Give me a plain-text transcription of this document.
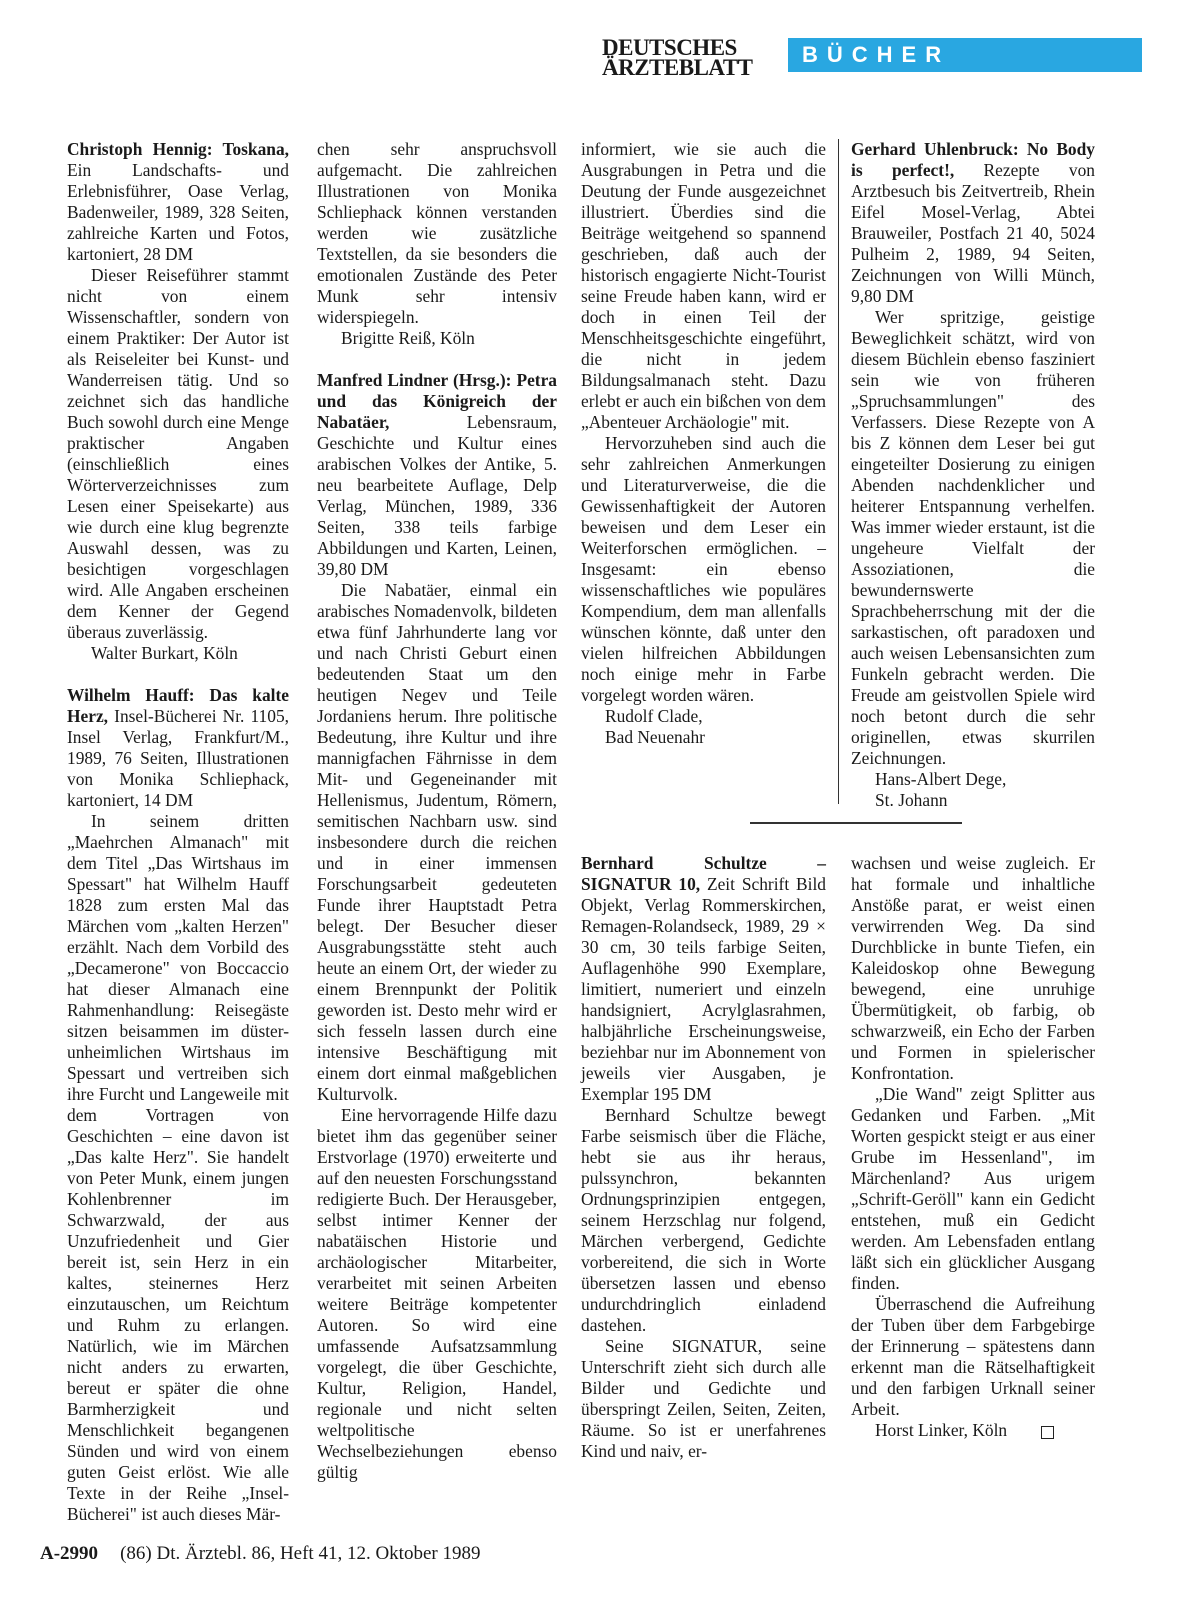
DEUTSCHES
ÄRZTEBLATT
BÜCHER

Christoph Hennig: Toskana, Ein Landschafts- und Erlebnisführer, Oase Verlag, Badenweiler, 1989, 328 Seiten, zahlreiche Karten und Fotos, kartoniert, 28 DM

Dieser Reiseführer stammt nicht von einem Wissenschaftler, sondern von einem Praktiker: Der Autor ist als Reiseleiter bei Kunst- und Wanderreisen tätig. Und so zeichnet sich das handliche Buch sowohl durch eine Menge praktischer Angaben (einschließlich eines Wörterverzeichnisses zum Lesen einer Speisekarte) aus wie durch eine klug begrenzte Auswahl dessen, was zu besichtigen vorgeschlagen wird. Alle Angaben erscheinen dem Kenner der Gegend überaus zuverlässig.

Walter Burkart, Köln

Wilhelm Hauff: Das kalte Herz, Insel-Bücherei Nr. 1105, Insel Verlag, Frankfurt/M., 1989, 76 Seiten, Illustrationen von Monika Schliephack, kartoniert, 14 DM

In seinem dritten „Maehrchen Almanach" mit dem Titel „Das Wirtshaus im Spessart" hat Wilhelm Hauff 1828 zum ersten Mal das Märchen vom „kalten Herzen" erzählt. Nach dem Vorbild des „Decamerone" von Boccaccio hat dieser Almanach eine Rahmenhandlung: Reisegäste sitzen beisammen im düster-unheimlichen Wirtshaus im Spessart und vertreiben sich ihre Furcht und Langeweile mit dem Vortragen von Geschichten – eine davon ist „Das kalte Herz". Sie handelt von Peter Munk, einem jungen Kohlenbrenner im Schwarzwald, der aus Unzufriedenheit und Gier bereit ist, sein Herz in ein kaltes, steinernes Herz einzutauschen, um Reichtum und Ruhm zu erlangen. Natürlich, wie im Märchen nicht anders zu erwarten, bereut er später die ohne Barmherzigkeit und Menschlichkeit begangenen Sünden und wird von einem guten Geist erlöst. Wie alle Texte in der Reihe „Insel-Bücherei" ist auch dieses Mär-

chen sehr anspruchsvoll aufgemacht. Die zahlreichen Illustrationen von Monika Schliephack können verstanden werden wie zusätzliche Textstellen, da sie besonders die emotionalen Zustände des Peter Munk sehr intensiv widerspiegeln.

Brigitte Reiß, Köln

Manfred Lindner (Hrsg.): Petra und das Königreich der Nabatäer, Lebensraum, Geschichte und Kultur eines arabischen Volkes der Antike, 5. neu bearbeitete Auflage, Delp Verlag, München, 1989, 336 Seiten, 338 teils farbige Abbildungen und Karten, Leinen, 39,80 DM

Die Nabatäer, einmal ein arabisches Nomadenvolk, bildeten etwa fünf Jahrhunderte lang vor und nach Christi Geburt einen bedeutenden Staat um den heutigen Negev und Teile Jordaniens herum. Ihre politische Bedeutung, ihre Kultur und ihre mannigfachen Fährnisse in dem Mit- und Gegeneinander mit Hellenismus, Judentum, Römern, semitischen Nachbarn usw. sind insbesondere durch die reichen und in einer immensen Forschungsarbeit gedeuteten Funde ihrer Hauptstadt Petra belegt. Der Besucher dieser Ausgrabungsstätte steht auch heute an einem Ort, der wieder zu einem Brennpunkt der Politik geworden ist. Desto mehr wird er sich fesseln lassen durch eine intensive Beschäftigung mit einem dort einmal maßgeblichen Kulturvolk.

Eine hervorragende Hilfe dazu bietet ihm das gegenüber seiner Erstvorlage (1970) erweiterte und auf den neuesten Forschungsstand redigierte Buch. Der Herausgeber, selbst intimer Kenner der nabatäischen Historie und archäologischer Mitarbeiter, verarbeitet mit seinen Arbeiten weitere Beiträge kompetenter Autoren. So wird eine umfassende Aufsatzsammlung vorgelegt, die über Geschichte, Kultur, Religion, Handel, regionale und nicht selten weltpolitische Wechselbeziehungen ebenso gültig

informiert, wie sie auch die Ausgrabungen in Petra und die Deutung der Funde ausgezeichnet illustriert. Überdies sind die Beiträge weitgehend so spannend geschrieben, daß auch der historisch engagierte Nicht-Tourist seine Freude haben kann, wird er doch in einen Teil der Menschheitsgeschichte eingeführt, die nicht in jedem Bildungsalmanach steht. Dazu erlebt er auch ein bißchen von dem „Abenteuer Archäologie" mit.

Hervorzuheben sind auch die sehr zahlreichen Anmerkungen und Literaturverweise, die die Gewissenhaftigkeit der Autoren beweisen und dem Leser ein Weiterforschen ermöglichen. – Insgesamt: ein ebenso wissenschaftliches wie populäres Kompendium, dem man allenfalls wünschen könnte, daß unter den vielen hilfreichen Abbildungen noch einige mehr in Farbe vorgelegt worden wären.

Rudolf Clade,

Bad Neuenahr

Gerhard Uhlenbruck: No Body is perfect!, Rezepte von Arztbesuch bis Zeitvertreib, Rhein Eifel Mosel-Verlag, Abtei Brauweiler, Postfach 21 40, 5024 Pulheim 2, 1989, 94 Seiten, Zeichnungen von Willi Münch, 9,80 DM

Wer spritzige, geistige Beweglichkeit schätzt, wird von diesem Büchlein ebenso fasziniert sein wie von früheren „Spruchsammlungen" des Verfassers. Diese Rezepte von A bis Z können dem Leser bei gut eingeteilter Dosierung zu einigen Abenden nachdenklicher und heiterer Entspannung verhelfen. Was immer wieder erstaunt, ist die ungeheure Vielfalt der Assoziationen, die bewundernswerte Sprachbeherrschung mit der die sarkastischen, oft paradoxen und auch weisen Lebensansichten zum Funkeln gebracht werden. Die Freude am geistvollen Spiele wird noch betont durch die sehr originellen, etwas skurrilen Zeichnungen.

Hans-Albert Dege,

St. Johann

Bernhard Schultze – SIGNATUR 10, Zeit Schrift Bild Objekt, Verlag Rommerskirchen, Remagen-Rolandseck, 1989, 29 × 30 cm, 30 teils farbige Seiten, Auflagenhöhe 990 Exemplare, limitiert, numeriert und einzeln handsigniert, Acrylglasrahmen, halbjährliche Erscheinungsweise, beziehbar nur im Abonnement von jeweils vier Ausgaben, je Exemplar 195 DM

Bernhard Schultze bewegt Farbe seismisch über die Fläche, hebt sie aus ihr heraus, pulssynchron, bekannten Ordnungsprinzipien entgegen, seinem Herzschlag nur folgend, Märchen verbergend, Gedichte vorbereitend, die sich in Worte übersetzen lassen und ebenso undurchdringlich einladend dastehen.

Seine SIGNATUR, seine Unterschrift zieht sich durch alle Bilder und Gedichte und überspringt Zeilen, Seiten, Zeiten, Räume. So ist er unerfahrenes Kind und naiv, er-

wachsen und weise zugleich. Er hat formale und inhaltliche Anstöße parat, er weist einen verwirrenden Weg. Da sind Durchblicke in bunte Tiefen, ein Kaleidoskop ohne Bewegung bewegend, eine unruhige Übermütigkeit, ob farbig, ob schwarzweiß, ein Echo der Farben und Formen in spielerischer Konfrontation.

„Die Wand" zeigt Splitter aus Gedanken und Farben. „Mit Worten gespickt steigt er aus einer Grube im Hessenland", im Märchenland? Aus urigem „Schrift-Geröll" kann ein Gedicht entstehen, muß ein Gedicht werden. Am Lebensfaden entlang läßt sich ein glücklicher Ausgang finden.

Überraschend die Aufreihung der Tuben über dem Farbgebirge der Erinnerung – spätestens dann erkennt man die Rätselhaftigkeit und den farbigen Urknall seiner Arbeit.

Horst Linker, Köln

A-2990 (86) Dt. Ärztebl. 86, Heft 41, 12. Oktober 1989
